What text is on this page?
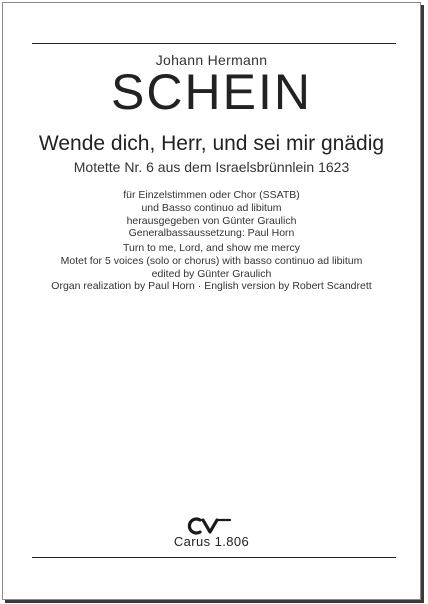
Johann Hermann
SCHEIN
Wende dich, Herr, und sei mir gnädig
Motette Nr. 6 aus dem Israelsbrünnlein 1623
für Einzelstimmen oder Chor (SSATB)
und Basso continuo ad libitum
herausgegeben von Günter Graulich
Generalbassaussetzung: Paul Horn
Turn to me, Lord, and show me mercy
Motet for 5 voices (solo or chorus) with basso continuo ad libitum
edited by Günter Graulich
Organ realization by Paul Horn · English version by Robert Scandrett
Carus 1.806
